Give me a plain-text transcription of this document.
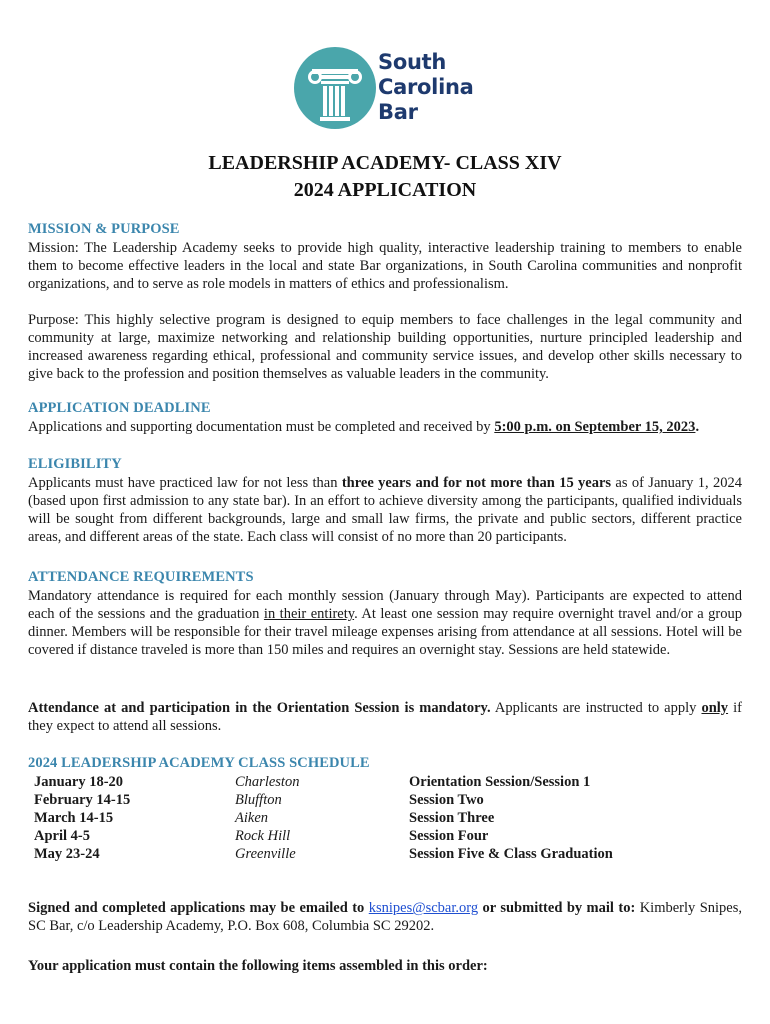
South
Carolina
Bar
LEADERSHIP ACADEMY- CLASS XIV
2024 APPLICATION
MISSION & PURPOSE
Mission: The Leadership Academy seeks to provide high quality, interactive leadership training to members to enable them to become effective leaders in the local and state Bar organizations, in South Carolina communities and nonprofit organizations, and to serve as role models in matters of ethics and professionalism.
Purpose: This highly selective program is designed to equip members to face challenges in the legal community and community at large, maximize networking and relationship building opportunities, nurture principled leadership and increased awareness regarding ethical, professional and community service issues, and develop other skills necessary to give back to the profession and position themselves as valuable leaders in the community.
APPLICATION DEADLINE
Applications and supporting documentation must be completed and received by 5:00 p.m. on September 15, 2023.
ELIGIBILITY
Applicants must have practiced law for not less than three years and for not more than 15 years as of January 1, 2024 (based upon first admission to any state bar). In an effort to achieve diversity among the participants, qualified individuals will be sought from different backgrounds, large and small law firms, the private and public sectors, different practice areas, and different areas of the state. Each class will consist of no more than 20 participants.
ATTENDANCE REQUIREMENTS
Mandatory attendance is required for each monthly session (January through May). Participants are expected to attend each of the sessions and the graduation in their entirety. At least one session may require overnight travel and/or a group dinner. Members will be responsible for their travel mileage expenses arising from attendance at all sessions. Hotel will be covered if distance traveled is more than 150 miles and requires an overnight stay. Sessions are held statewide.
Attendance at and participation in the Orientation Session is mandatory. Applicants are instructed to apply only if they expect to attend all sessions.
2024 LEADERSHIP ACADEMY CLASS SCHEDULE
January 18-20	Charleston	Orientation Session/Session 1
February 14-15	Bluffton	Session Two
March 14-15	Aiken	Session Three
April 4-5	Rock Hill	Session Four
May 23-24	Greenville	Session Five & Class Graduation
Signed and completed applications may be emailed to ksnipes@scbar.org or submitted by mail to: Kimberly Snipes, SC Bar, c/o Leadership Academy, P.O. Box 608, Columbia SC 29202.
Your application must contain the following items assembled in this order:
